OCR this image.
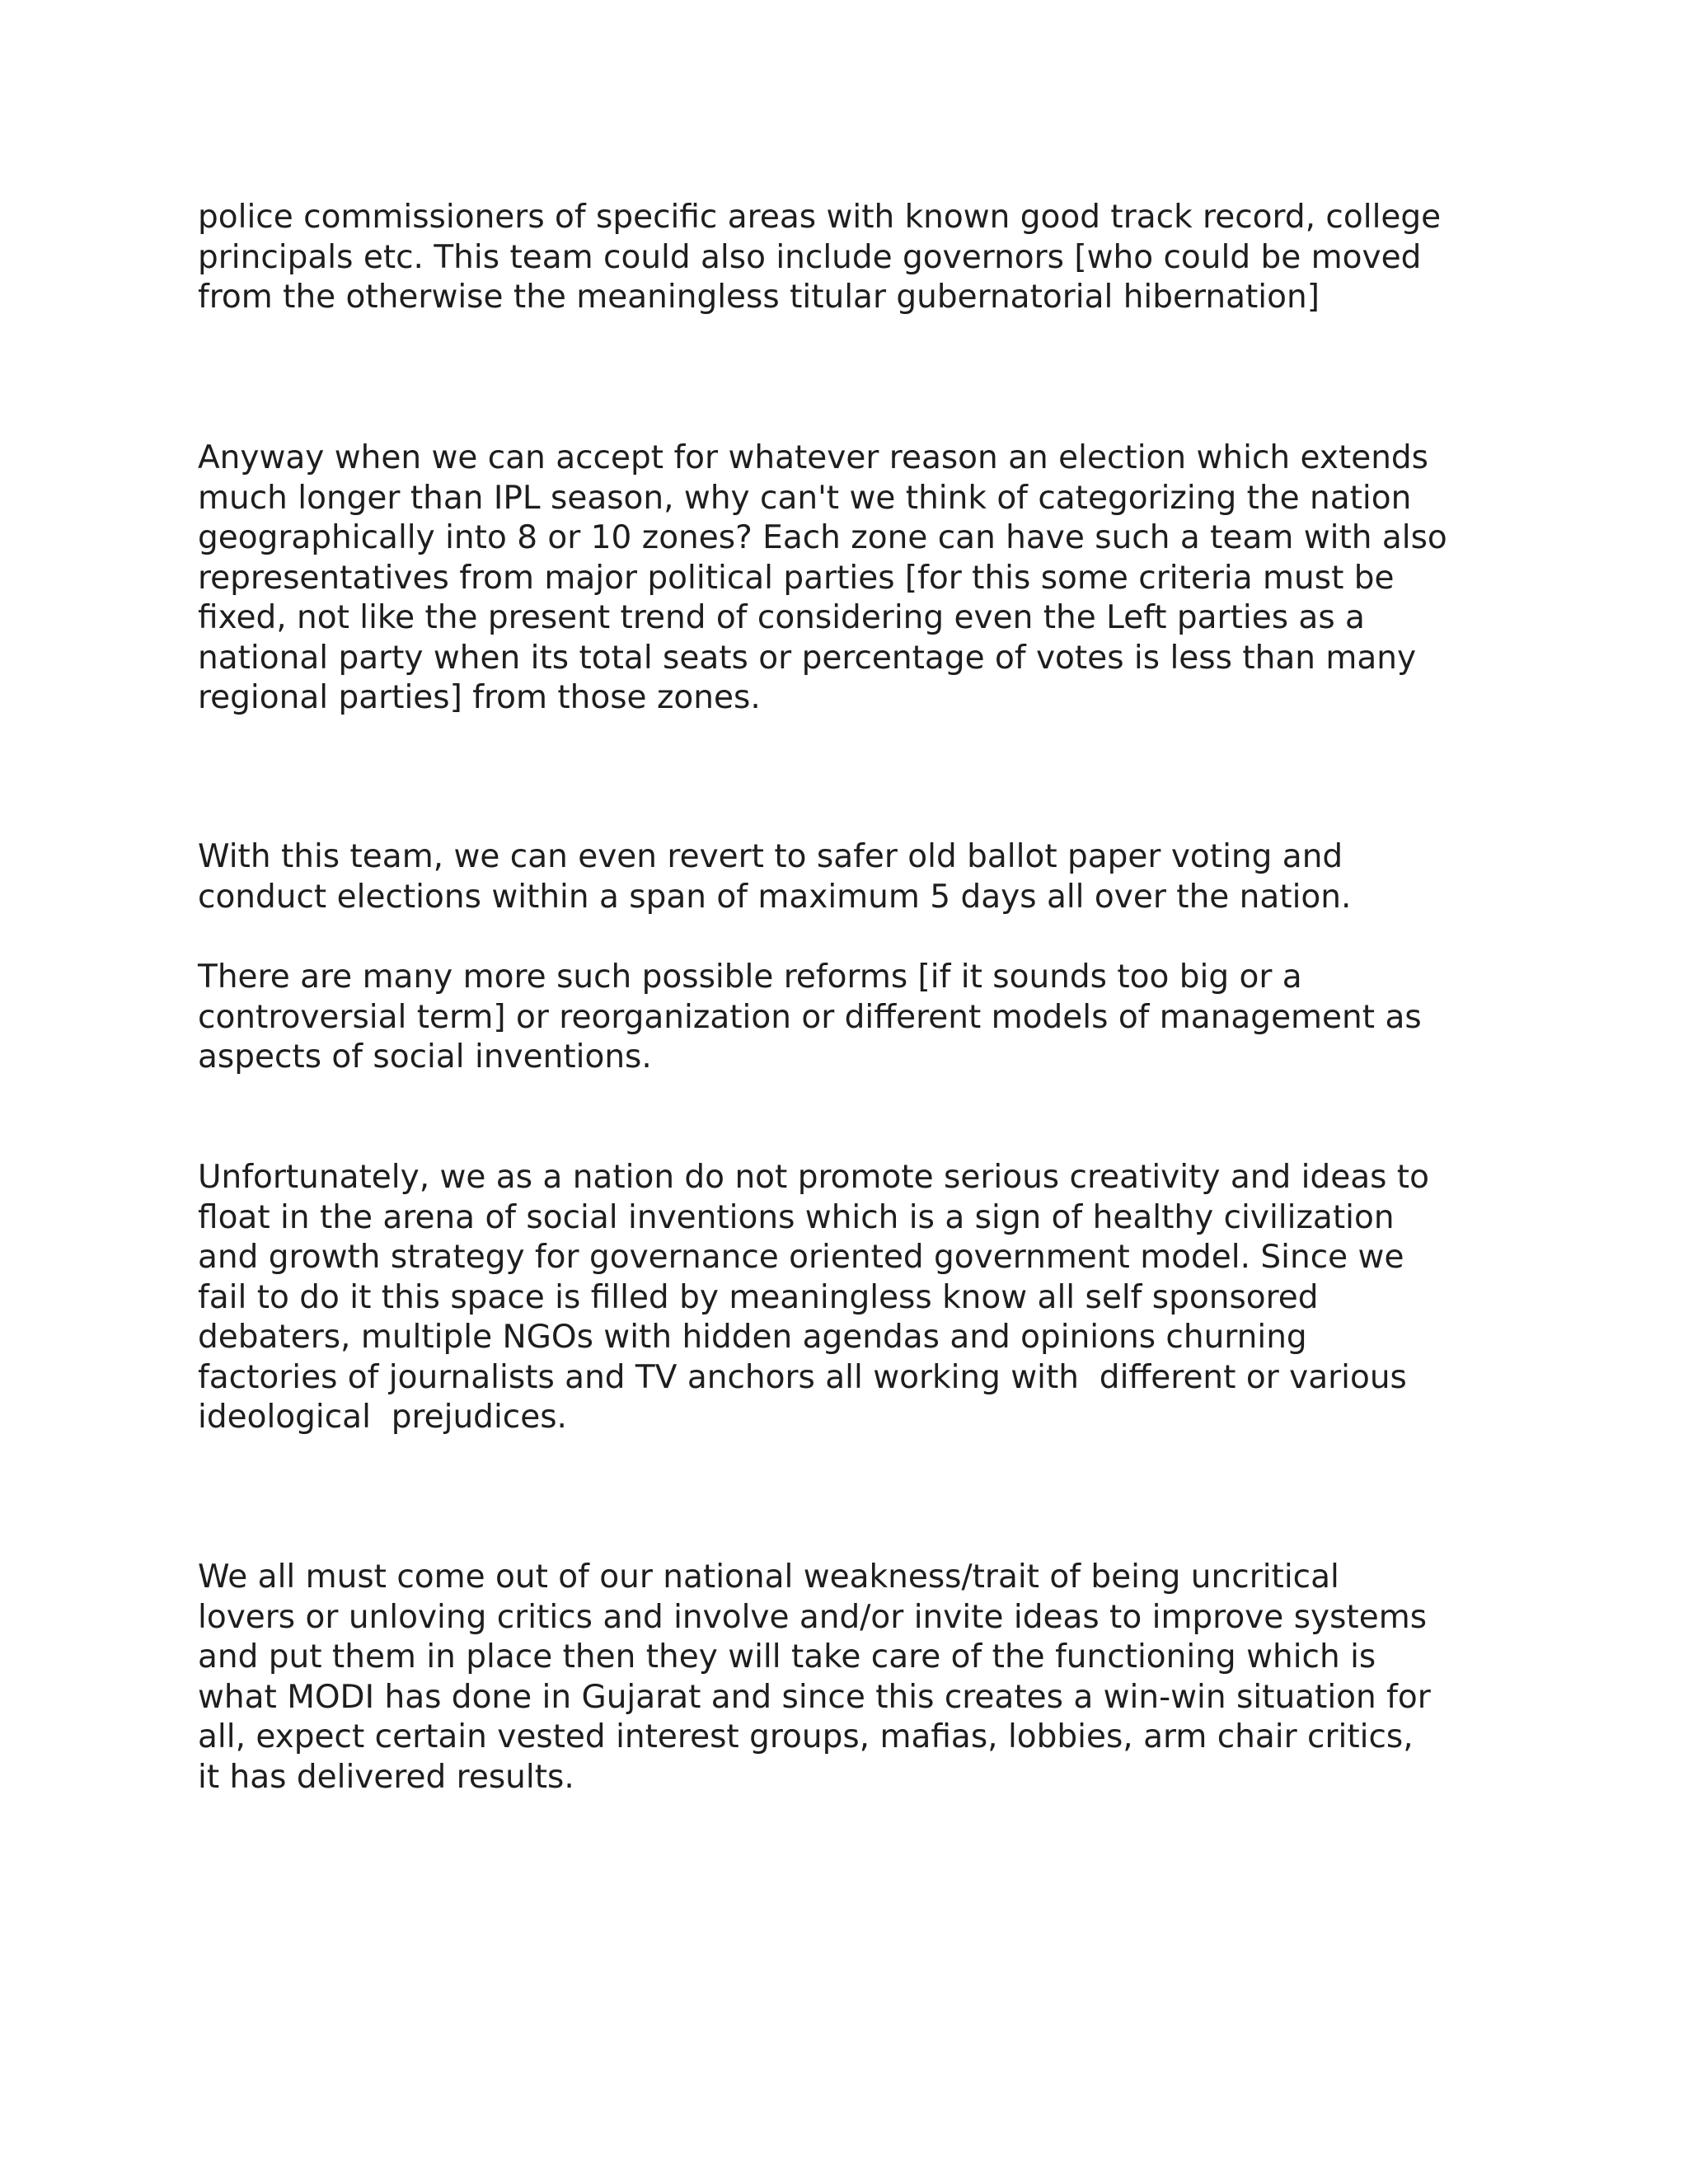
police commissioners of specific areas with known good track record, college
principals etc. This team could also include governors [who could be moved
from the otherwise the meaningless titular gubernatorial hibernation]
Anyway when we can accept for whatever reason an election which extends
much longer than IPL season, why can't we think of categorizing the nation
geographically into 8 or 10 zones? Each zone can have such a team with also
representatives from major political parties [for this some criteria must be
fixed, not like the present trend of considering even the Left parties as a
national party when its total seats or percentage of votes is less than many
regional parties] from those zones.
With this team, we can even revert to safer old ballot paper voting and
conduct elections within a span of maximum 5 days all over the nation.
There are many more such possible reforms [if it sounds too big or a
controversial term] or reorganization or different models of management as
aspects of social inventions.
Unfortunately, we as a nation do not promote serious creativity and ideas to
float in the arena of social inventions which is a sign of healthy civilization
and growth strategy for governance oriented government model. Since we
fail to do it this space is filled by meaningless know all self sponsored
debaters, multiple NGOs with hidden agendas and opinions churning
factories of journalists and TV anchors all working with  different or various
ideological  prejudices.
We all must come out of our national weakness/trait of being uncritical
lovers or unloving critics and involve and/or invite ideas to improve systems
and put them in place then they will take care of the functioning which is
what MODI has done in Gujarat and since this creates a win-win situation for
all, expect certain vested interest groups, mafias, lobbies, arm chair critics,
it has delivered results.
